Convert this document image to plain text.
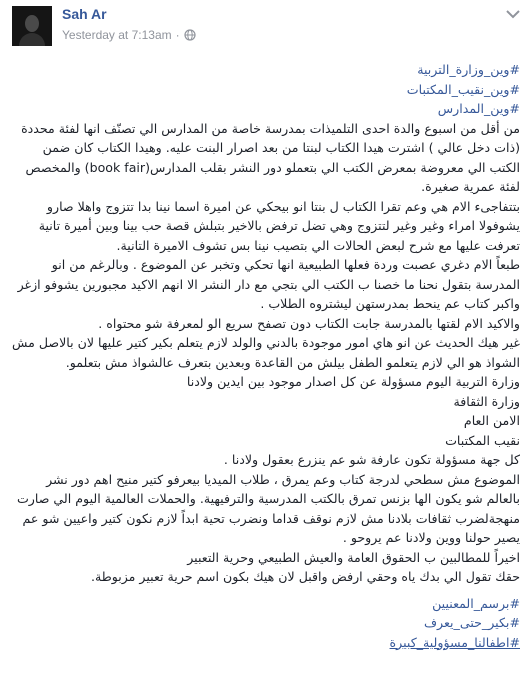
Sah Ar
Yesterday at 7:13am ·
#وين_وزارة_التربية
#وين_نقيب_المكتبات
#وين_المدارس

من أقل من اسبوع والدة احدى التلميذات بمدرسة خاصة من المدارس الي تصنّف انها لفئة محددة (ذات دخل عالي ) اشترت هيدا الكتاب لبنتا من بعد اصرار البنت عليه. وهيدا الكتاب كان ضمن الكتب الي معروضة بمعرض الكتب الي بتعملو دور النشر بقلب المدارس(book fair) والمخصص لفئة عمرية صغيرة.

بتتفاجىء الام هي وعم تقرا الكتاب ل بنتا انو بيحكي عن اميرة اسما نينا بدا تتزوج واهلا صارو يشوفولا امراء وغير وغير لتتزوج وهي تضل ترفض بالاخير بتبلش قصة حب بينا وبين أميرة تانية تعرفت عليها مع شرح لبعض الحالات الي بتصيب نينا بس تشوف الاميرة التانية.

طبعاً الام دغري عصبت وردة فعلها الطبيعية انها تحكي وتخبر عن الموضوع . وبالرغم من انو المدرسة بتقول نحنا ما خصنا ب الكتب الي بتجي مع دار النشر الا انهم الاكيد مجبورين يشوفو ازغر واكبر كتاب عم ينحط بمدرستهن ليشتروه الطلاب .

والاكيد الام لقتها بالمدرسة جابت الكتاب دون تصفح سريع الو لمعرفة شو محتواه .

غير هيك الحديث عن انو هاي امور موجودة بالدني والولد لازم يتعلم بكير كتير عليها لان بالاصل مش الشواذ هو الي لازم يتعلمو الطفل بيلش من القاعدة وبعدين بتعرف عالشواذ مش بتعلمو.

وزارة التربية اليوم مسؤولة عن كل اصدار موجود بين ايدين ولادنا

وزارة الثقافة

الامن العام

نقيب المكتبات

كل جهة مسؤولة تكون عارفة شو عم ينزرع بعقول ولادنا .

الموضوع مش سطحي لدرجة كتاب وعم يمرق ، طلاب الميديا بيعرفو كتير منيح اهم دور نشر بالعالم شو يكون الها بزنس تمرق بالكتب المدرسية والترفيهية. والحملات العالمية اليوم الي صارت منهجةلضرب ثقافات بلادنا مش لازم نوقف قداما ونضرب تحية ابداً لازم نكون كتير واعيين شو عم يصير حولنا ووين ولادنا عم يروحو .

اخيراً للمطالبين ب الحقوق العامة والعيش الطبيعي وحرية التعبير

حقك تقول الي بدك ياه وحقي ارفض واقبل لان هيك بكون اسم حرية تعبير مزبوطة.

#برسم_المعنيين
#بكير_حتى_يعرف
#اطفالنا_مسؤولية_كبيرة
